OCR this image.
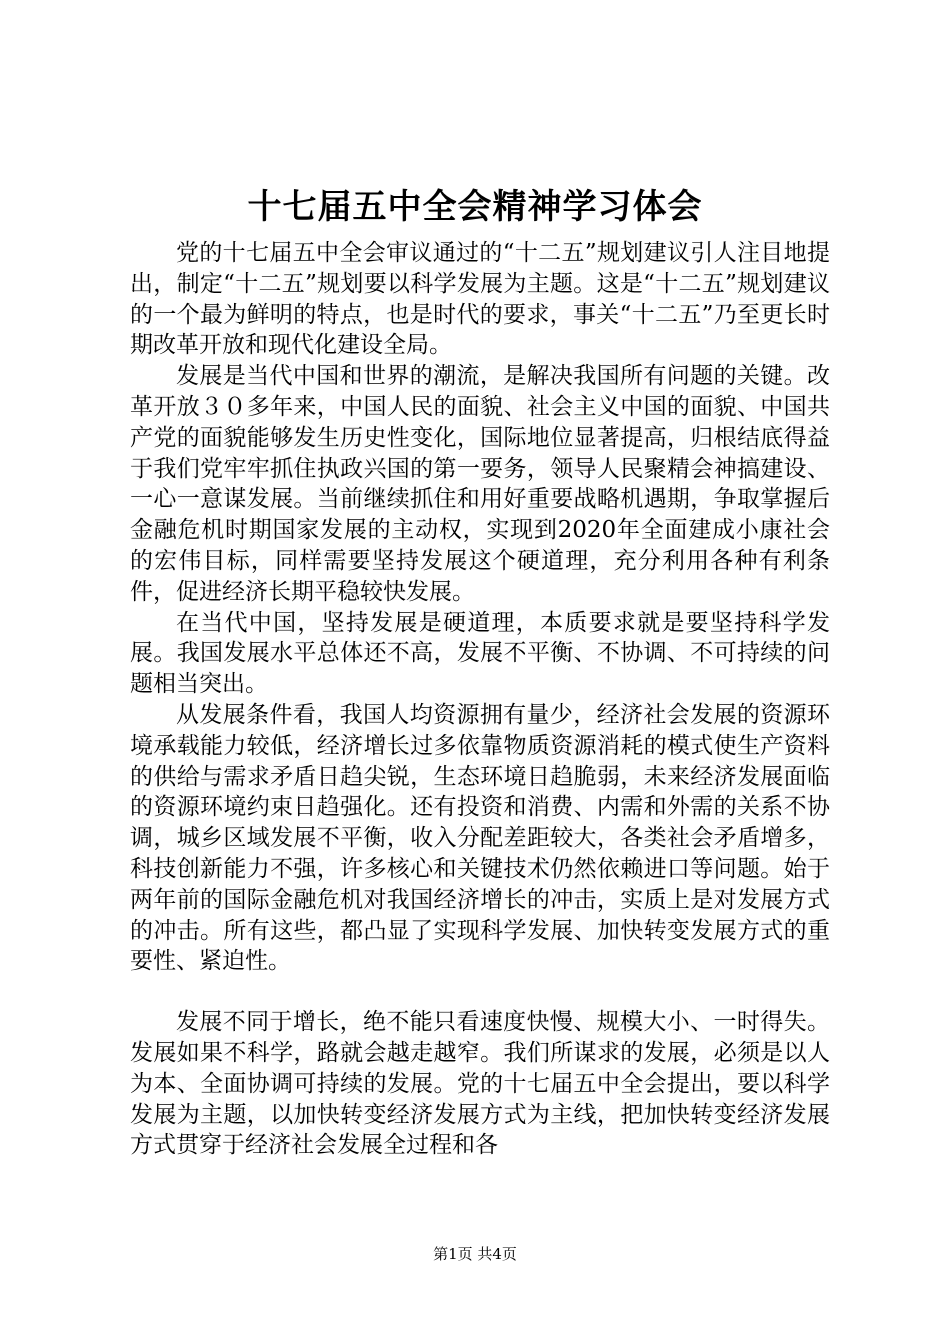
十七届五中全会精神学习体会

党的十七届五中全会审议通过的“十二五”规划建议引人注目地提出，制定“十二五”规划要以科学发展为主题。这是“十二五”规划建议的一个最为鲜明的特点，也是时代的要求，事关“十二五”乃至更长时期改革开放和现代化建设全局。

发展是当代中国和世界的潮流，是解决我国所有问题的关键。改革开放３０多年来，中国人民的面貌、社会主义中国的面貌、中国共产党的面貌能够发生历史性变化，国际地位显著提高，归根结底得益于我们党牢牢抓住执政兴国的第一要务，领导人民聚精会神搞建设、一心一意谋发展。当前继续抓住和用好重要战略机遇期，争取掌握后金融危机时期国家发展的主动权，实现到2020年全面建成小康社会的宏伟目标，同样需要坚持发展这个硬道理，充分利用各种有利条件，促进经济长期平稳较快发展。

在当代中国，坚持发展是硬道理，本质要求就是要坚持科学发展。我国发展水平总体还不高，发展不平衡、不协调、不可持续的问题相当突出。

从发展条件看，我国人均资源拥有量少，经济社会发展的资源环境承载能力较低，经济增长过多依靠物质资源消耗的模式使生产资料的供给与需求矛盾日趋尖锐，生态环境日趋脆弱，未来经济发展面临的资源环境约束日趋强化。还有投资和消费、内需和外需的关系不协调，城乡区域发展不平衡，收入分配差距较大，各类社会矛盾增多，科技创新能力不强，许多核心和关键技术仍然依赖进口等问题。始于两年前的国际金融危机对我国经济增长的冲击，实质上是对发展方式的冲击。所有这些，都凸显了实现科学发展、加快转变发展方式的重要性、紧迫性。

发展不同于增长，绝不能只看速度快慢、规模大小、一时得失。发展如果不科学，路就会越走越窄。我们所谋求的发展，必须是以人为本、全面协调可持续的发展。党的十七届五中全会提出，要以科学发展为主题，以加快转变经济发展方式为主线，把加快转变经济发展方式贯穿于经济社会发展全过程和各

第1页 共4页
